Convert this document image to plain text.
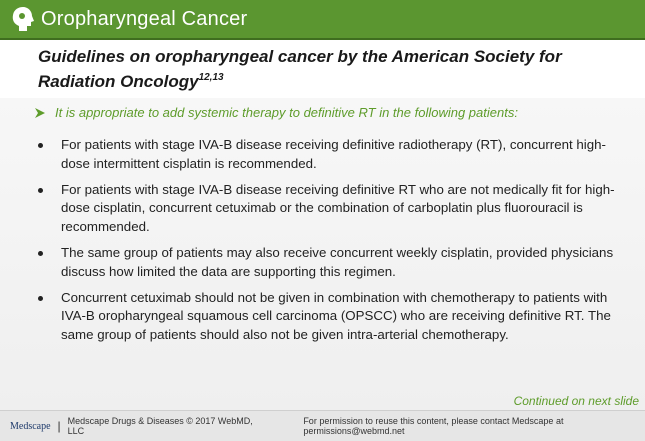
Oropharyngeal Cancer
Guidelines on oropharyngeal cancer by the American Society for Radiation Oncology$^{12,13}$
It is appropriate to add systemic therapy to definitive RT in the following patients:
For patients with stage IVA-B disease receiving definitive radiotherapy (RT), concurrent high-dose intermittent cisplatin is recommended.
For patients with stage IVA-B disease receiving definitive RT who are not medically fit for high-dose cisplatin, concurrent cetuximab or the combination of carboplatin plus fluorouracil is recommended.
The same group of patients may also receive concurrent weekly cisplatin, provided physicians discuss how limited the data are supporting this regimen.
Concurrent cetuximab should not be given in combination with chemotherapy to patients with IVA-B oropharyngeal squamous cell carcinoma (OPSCC) who are receiving definitive RT. The same group of patients should also not be given intra-arterial chemotherapy.
Continued on next slide
Medscape | Medscape Drugs & Diseases © 2017 WebMD, LLC
For permission to reuse this content, please contact Medscape at permissions@webmd.net
